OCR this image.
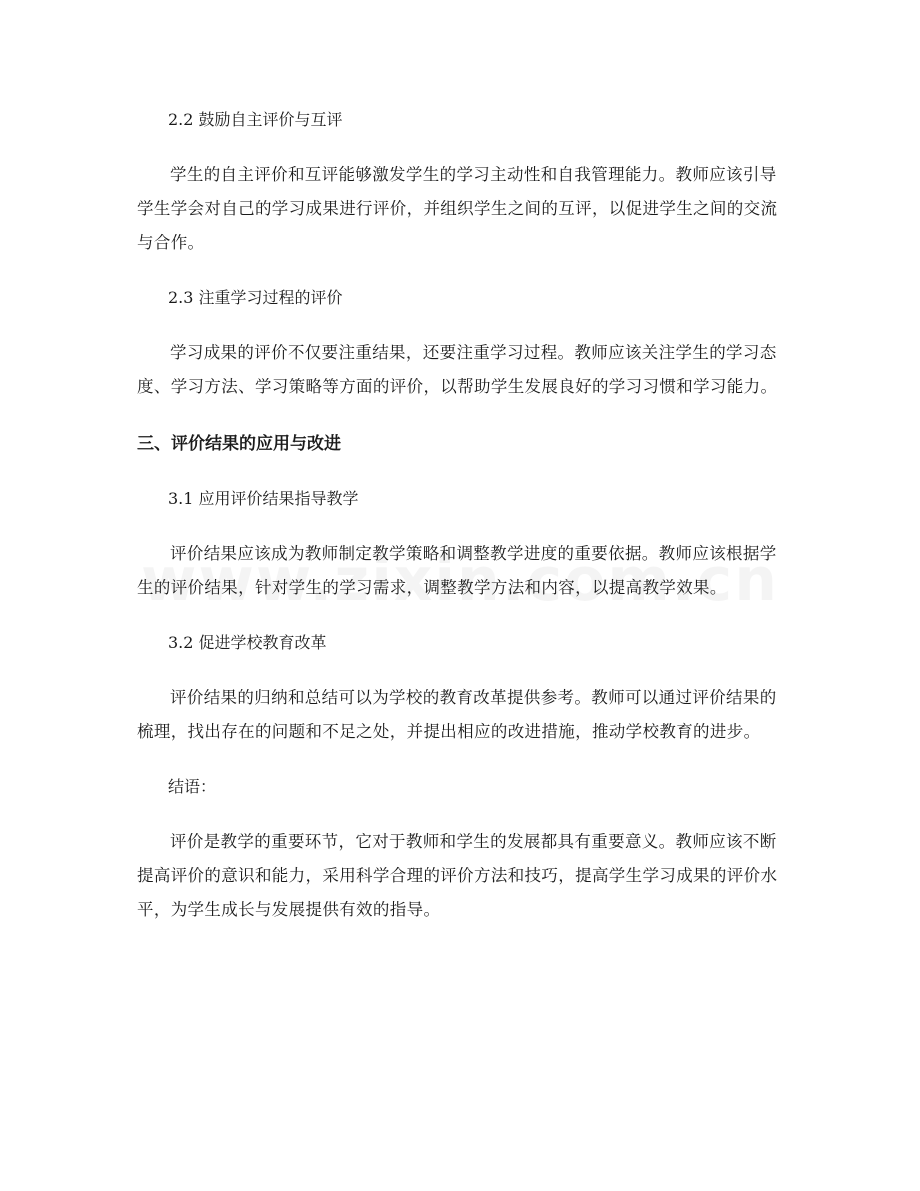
2.2 鼓励自主评价与互评

学生的自主评价和互评能够激发学生的学习主动性和自我管理能力。教师应该引导学生学会对自己的学习成果进行评价，并组织学生之间的互评，以促进学生之间的交流与合作。

2.3 注重学习过程的评价

学习成果的评价不仅要注重结果，还要注重学习过程。教师应该关注学生的学习态度、学习方法、学习策略等方面的评价，以帮助学生发展良好的学习习惯和学习能力。

三、评价结果的应用与改进

3.1 应用评价结果指导教学

评价结果应该成为教师制定教学策略和调整教学进度的重要依据。教师应该根据学生的评价结果，针对学生的学习需求，调整教学方法和内容，以提高教学效果。

3.2 促进学校教育改革

评价结果的归纳和总结可以为学校的教育改革提供参考。教师可以通过评价结果的梳理，找出存在的问题和不足之处，并提出相应的改进措施，推动学校教育的进步。

结语：

评价是教学的重要环节，它对于教师和学生的发展都具有重要意义。教师应该不断提高评价的意识和能力，采用科学合理的评价方法和技巧，提高学生学习成果的评价水平，为学生成长与发展提供有效的指导。
